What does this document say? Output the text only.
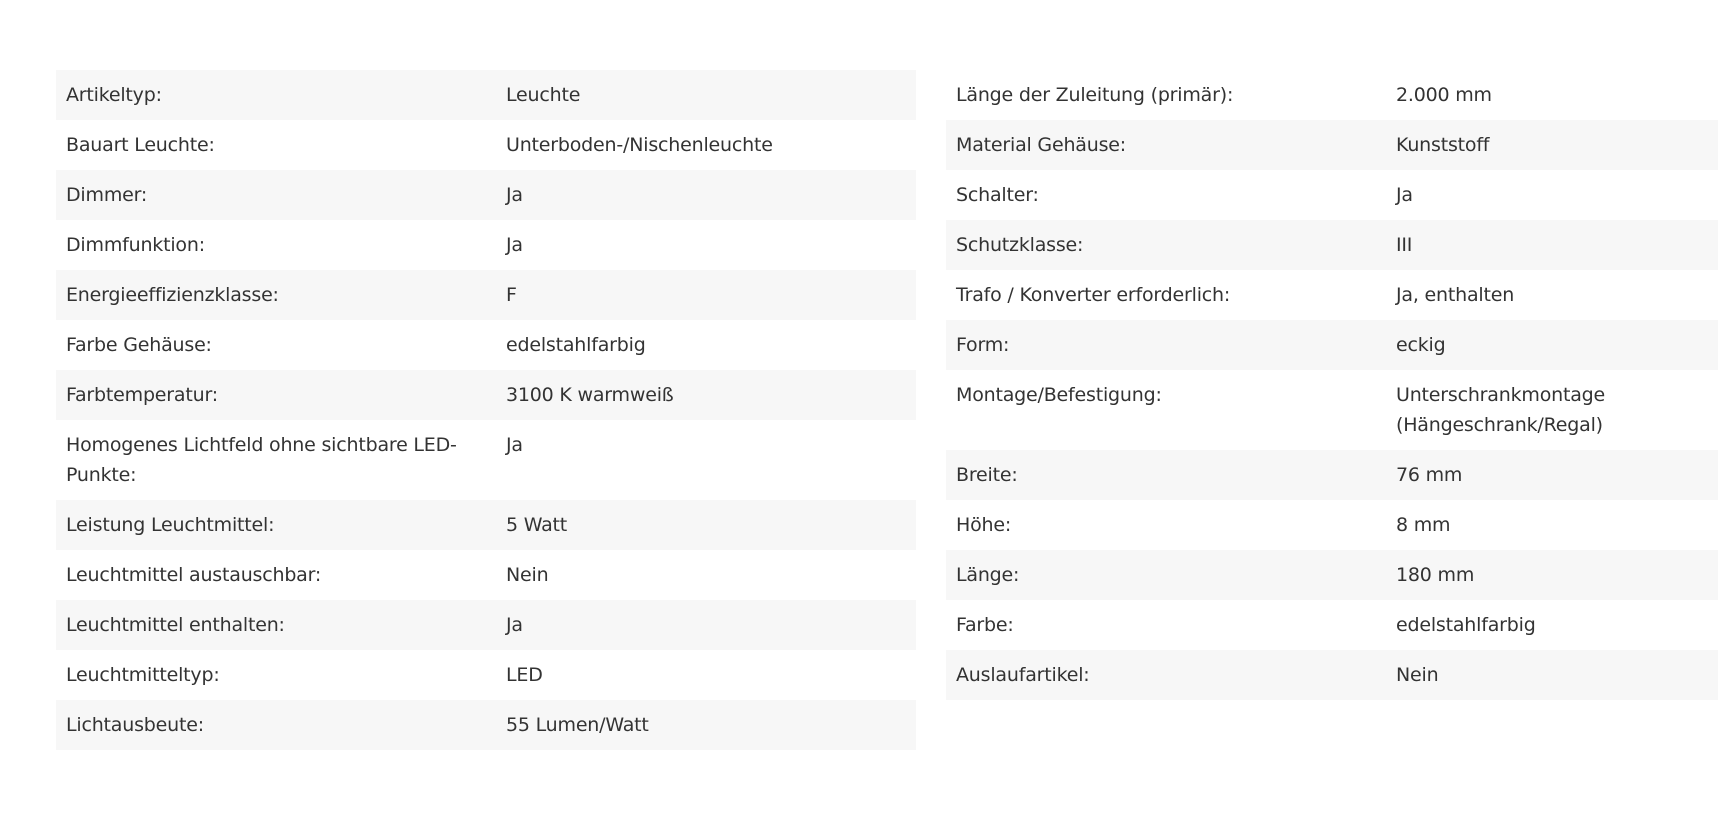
Artikeltyp:	Leuchte
Bauart Leuchte:	Unterboden-/Nischenleuchte
Dimmer:	Ja
Dimmfunktion:	Ja
Energieeffizienzklasse:	F
Farbe Gehäuse:	edelstahlfarbig
Farbtemperatur:	3100 K warmweiß
Homogenes Lichtfeld ohne sichtbare LED-Punkte:	Ja
Leistung Leuchtmittel:	5 Watt
Leuchtmittel austauschbar:	Nein
Leuchtmittel enthalten:	Ja
Leuchtmitteltyp:	LED
Lichtausbeute:	55 Lumen/Watt
Länge der Zuleitung (primär):	2.000 mm
Material Gehäuse:	Kunststoff
Schalter:	Ja
Schutzklasse:	III
Trafo / Konverter erforderlich:	Ja, enthalten
Form:	eckig
Montage/Befestigung:	Unterschrankmontage (Hängeschrank/Regal)
Breite:	76 mm
Höhe:	8 mm
Länge:	180 mm
Farbe:	edelstahlfarbig
Auslaufartikel:	Nein
